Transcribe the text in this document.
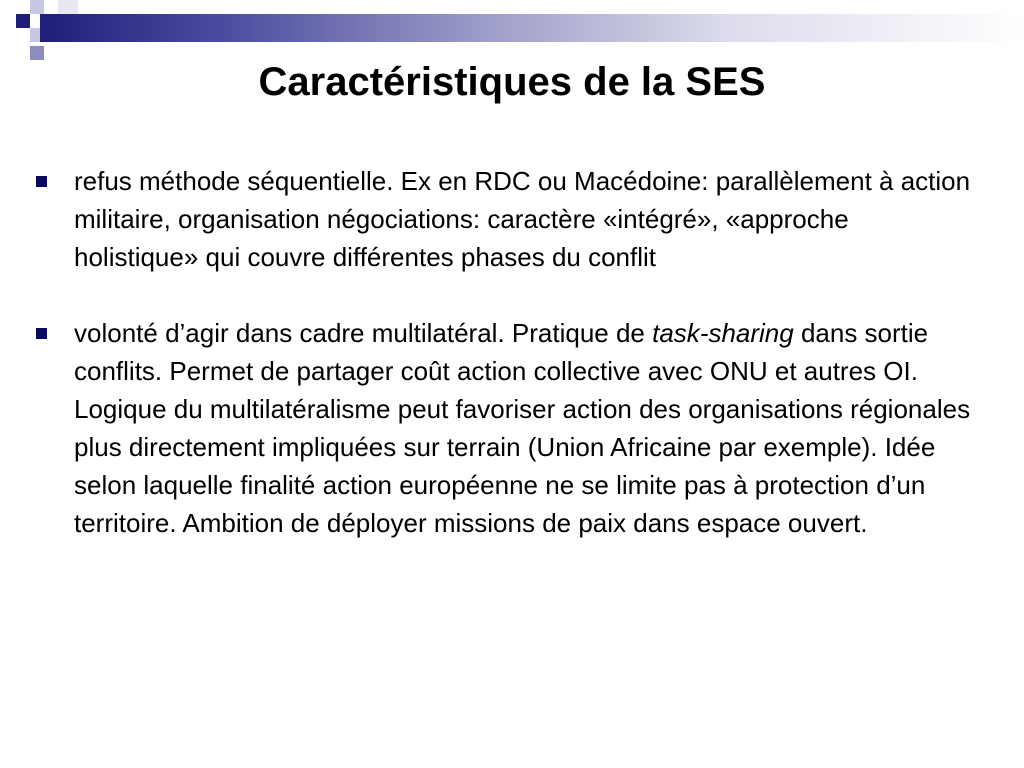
Caractéristiques de la SES
refus méthode séquentielle. Ex en RDC ou Macédoine: parallèlement à action militaire, organisation négociations: caractère «intégré», «approche holistique» qui couvre différentes phases du conflit
volonté d’agir dans cadre multilatéral. Pratique de task-sharing dans sortie conflits. Permet de partager coût action collective avec ONU et autres OI. Logique du multilatéralisme peut favoriser action des organisations régionales plus directement impliquées sur terrain (Union Africaine par exemple). Idée selon laquelle finalité action européenne ne se limite pas à protection d’un territoire. Ambition de déployer missions de paix dans espace ouvert.
